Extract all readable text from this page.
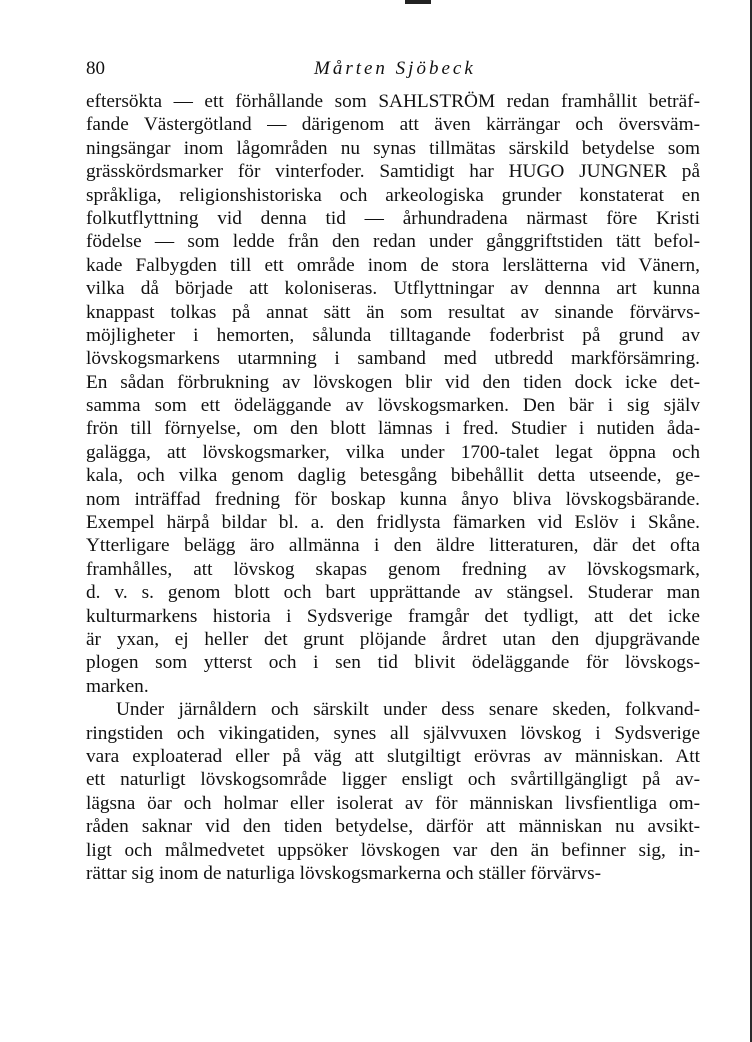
80	Mårten Sjöbeck
eftersökta — ett förhållande som SAHLSTRÖM redan framhållit beträf-
fande Västergötland — därigenom att även kärrängar och översväm-
ningsängar inom lågområden nu synas tillmätas särskild betydelse som
grässkördsmarker för vinterfoder. Samtidigt har HUGO JUNGNER på
språkliga, religionshistoriska och arkeologiska grunder konstaterat en
folkutflyttning vid denna tid — århundradena närmast före Kristi
födelse — som ledde från den redan under gånggriftstiden tätt befol-
kade Falbygden till ett område inom de stora lerslätterna vid Vänern,
vilka då började att koloniseras. Utflyttningar av dennna art kunna
knappast tolkas på annat sätt än som resultat av sinande förvärvs-
möjligheter i hemorten, sålunda tilltagande foderbrist på grund av
lövskogsmarkens utarmning i samband med utbredd markförsämring.
En sådan förbrukning av lövskogen blir vid den tiden dock icke det-
samma som ett ödeläggande av lövskogsmarken. Den bär i sig själv
frön till förnyelse, om den blott lämnas i fred. Studier i nutiden åda-
galägga, att lövskogsmarker, vilka under 1700-talet legat öppna och
kala, och vilka genom daglig betesgång bibehållit detta utseende, ge-
nom inträffad fredning för boskap kunna ånyo bliva lövskogsbärande.
Exempel härpå bildar bl. a. den fridlysta fämarken vid Eslöv i Skåne.
Ytterligare belägg äro allmänna i den äldre litteraturen, där det ofta
framhålles, att lövskog skapas genom fredning av lövskogsmark,
d. v. s. genom blott och bart upprättande av stängsel. Studerar man
kulturmarkens historia i Sydsverige framgår det tydligt, att det icke
är yxan, ej heller det grunt plöjande årdret utan den djupgrävande
plogen som ytterst och i sen tid blivit ödeläggande för lövskogs-
marken.
Under järnåldern och särskilt under dess senare skeden, folkvand-
ringstiden och vikingatiden, synes all självvuxen lövskog i Sydsverige
vara exploaterad eller på väg att slutgiltigt erövras av människan. Att
ett naturligt lövskogsområde ligger ensligt och svårtillgängligt på av-
lägsna öar och holmar eller isolerat av för människan livsfientliga om-
råden saknar vid den tiden betydelse, därför att människan nu avsikt-
ligt och målmedvetet uppsöker lövskogen var den än befinner sig, in-
rättar sig inom de naturliga lövskogsmarkerna och ställer förvärvs-
